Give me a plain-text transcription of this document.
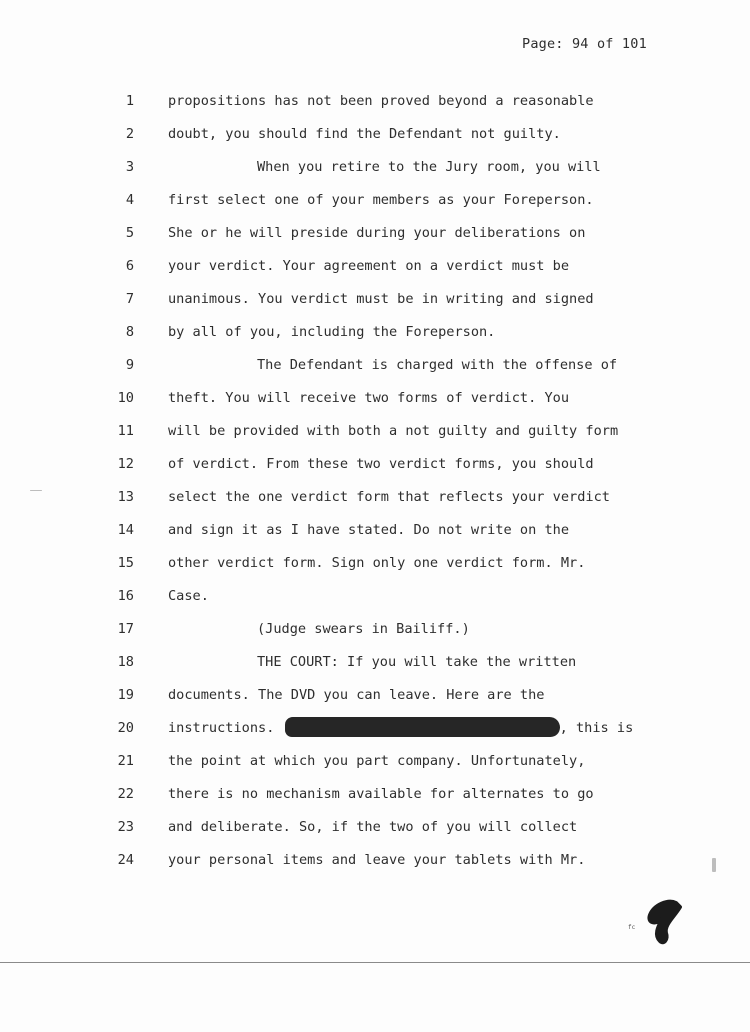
Page: 94 of 101
1	propositions has not been proved beyond a reasonable
2	doubt, you should find the Defendant not guilty.
3	When you retire to the Jury room, you will
4	first select one of your members as your Foreperson.
5	She or he will preside during your deliberations on
6	your verdict. Your agreement on a verdict must be
7	unanimous. You verdict must be in writing and signed
8	by all of you, including the Foreperson.
9	The Defendant is charged with the offense of
10	theft. You will receive two forms of verdict. You
11	will be provided with both a not guilty and guilty form
12	of verdict. From these two verdict forms, you should
13	select the one verdict form that reflects your verdict
14	and sign it as I have stated. Do not write on the
15	other verdict form. Sign only one verdict form. Mr.
16	Case.
17	(Judge swears in Bailiff.)
18	THE COURT: If you will take the written
19	documents. The DVD you can leave. Here are the
20	instructions.	, this is
21	the point at which you part company. Unfortunately,
22	there is no mechanism available for alternates to go
23	and deliberate. So, if the two of you will collect
24	your personal items and leave your tablets with Mr.
fc
